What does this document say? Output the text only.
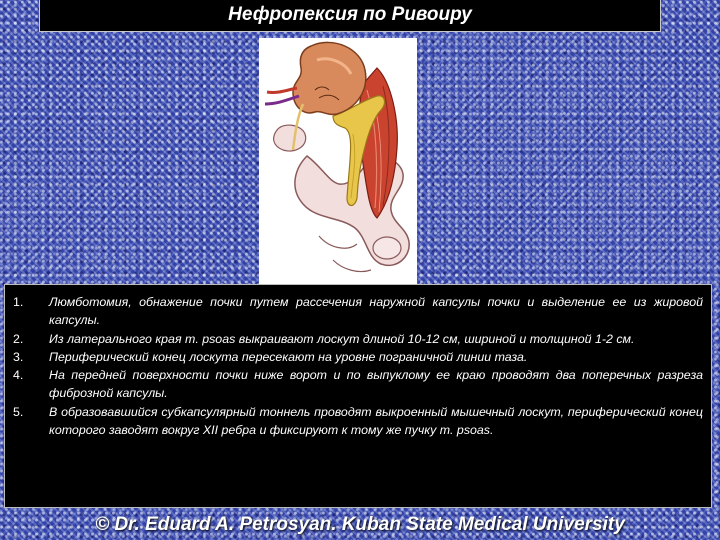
Нефропексия по Ривоиру
1.	Люмботомия, обнажение почки путем рассечения наружной капсулы почки и выделение ее из жировой капсулы.
2.	Из латерального края m. psoas выкраивают лоскут длиной 10-12 см, шириной и толщиной 1-2 см.
3.	Периферический конец лоскута пересекают на уровне пограничной линии таза.
4.	На передней поверхности почки ниже ворот и по выпуклому ее краю проводят два поперечных разреза фиброзной капсулы.
5.	В образовавшийся субкапсулярный тоннель проводят выкроенный мышечный лоскут, периферический конец которого заводят вокруг XII ребра и фиксируют к тому же пучку m. psoas.
© Dr. Eduard A. Petrosyan. Kuban State Medical University
